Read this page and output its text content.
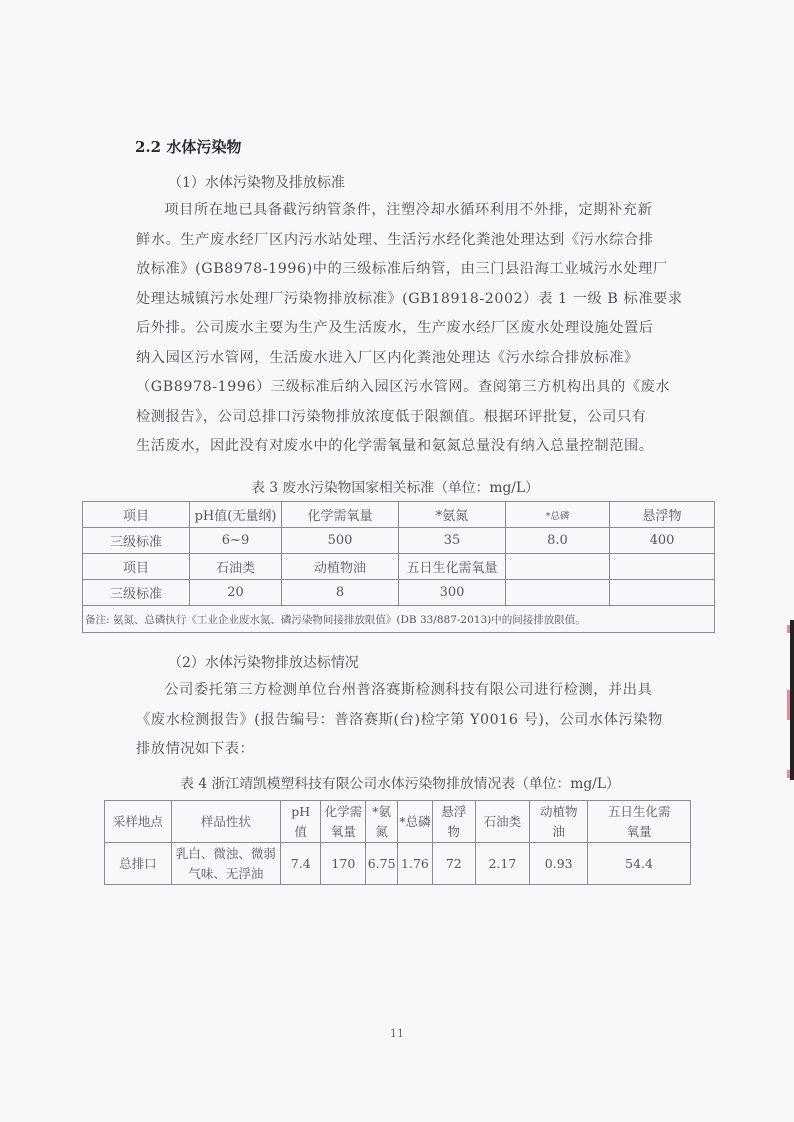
2.2 水体污染物
（1）水体污染物及排放标准
项目所在地已具备截污纳管条件，注塑冷却水循环利用不外排，定期补充新
鲜水。生产废水经厂区内污水站处理、生活污水经化粪池处理达到《污水综合排
放标准》(GB8978-1996)中的三级标准后纳管，由三门县沿海工业城污水处理厂
处理达城镇污水处理厂污染物排放标准》(GB18918-2002）表 1 一级 B 标准要求
后外排。公司废水主要为生产及生活废水，生产废水经厂区废水处理设施处置后
纳入园区污水管网，生活废水进入厂区内化粪池处理达《污水综合排放标准》
（GB8978-1996）三级标准后纳入园区污水管网。查阅第三方机构出具的《废水
检测报告》，公司总排口污染物排放浓度低于限额值。根据环评批复，公司只有
生活废水，因此没有对废水中的化学需氧量和氨氮总量没有纳入总量控制范围。
表 3 废水污染物国家相关标准（单位：mg/L）
项目	pH值(无量纲)	化学需氧量	*氨氮	*总磷	悬浮物
三级标准	6~9	500	35	8.0	400
项目	石油类	动植物油	五日生化需氧量		
三级标准	20	8	300		
备注: 氨氮、总磷执行《工业企业废水氮、磷污染物间接排放限值》(DB 33/887-2013)中的间接排放限值。					
（2）水体污染物排放达标情况
公司委托第三方检测单位台州普洛赛斯检测科技有限公司进行检测，并出具
《废水检测报告》(报告编号：普洛赛斯(台)检字第 Y0016 号)，公司水体污染物
排放情况如下表：
表 4 浙江靖凯模塑科技有限公司水体污染物排放情况表（单位：mg/L）
采样地点	样品性状	pH值	化学需氧量	*氨氮	*总磷	悬浮物	石油类	动植物油	五日生化需氧量
总排口	乳白、微浊、微弱气味、无浮油	7.4	170	6.75	1.76	72	2.17	0.93	54.4
11
